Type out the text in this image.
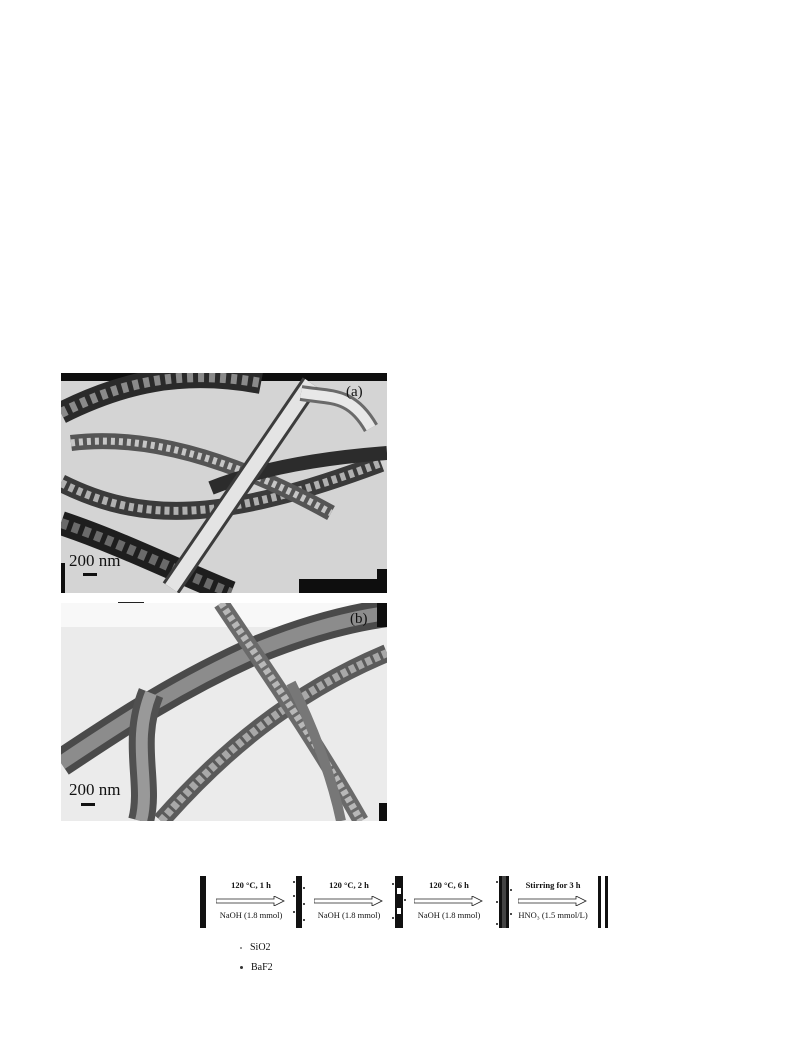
(a)
200 nm
(b)
200 nm
120 °C, 1 h
NaOH (1.8 mmol)
120 °C, 2 h
NaOH (1.8 mmol)
120 °C, 6 h
NaOH (1.8 mmol)
Stirring for 3 h
HNO₃ (1.5 mmol/L)
SiO2
BaF2
